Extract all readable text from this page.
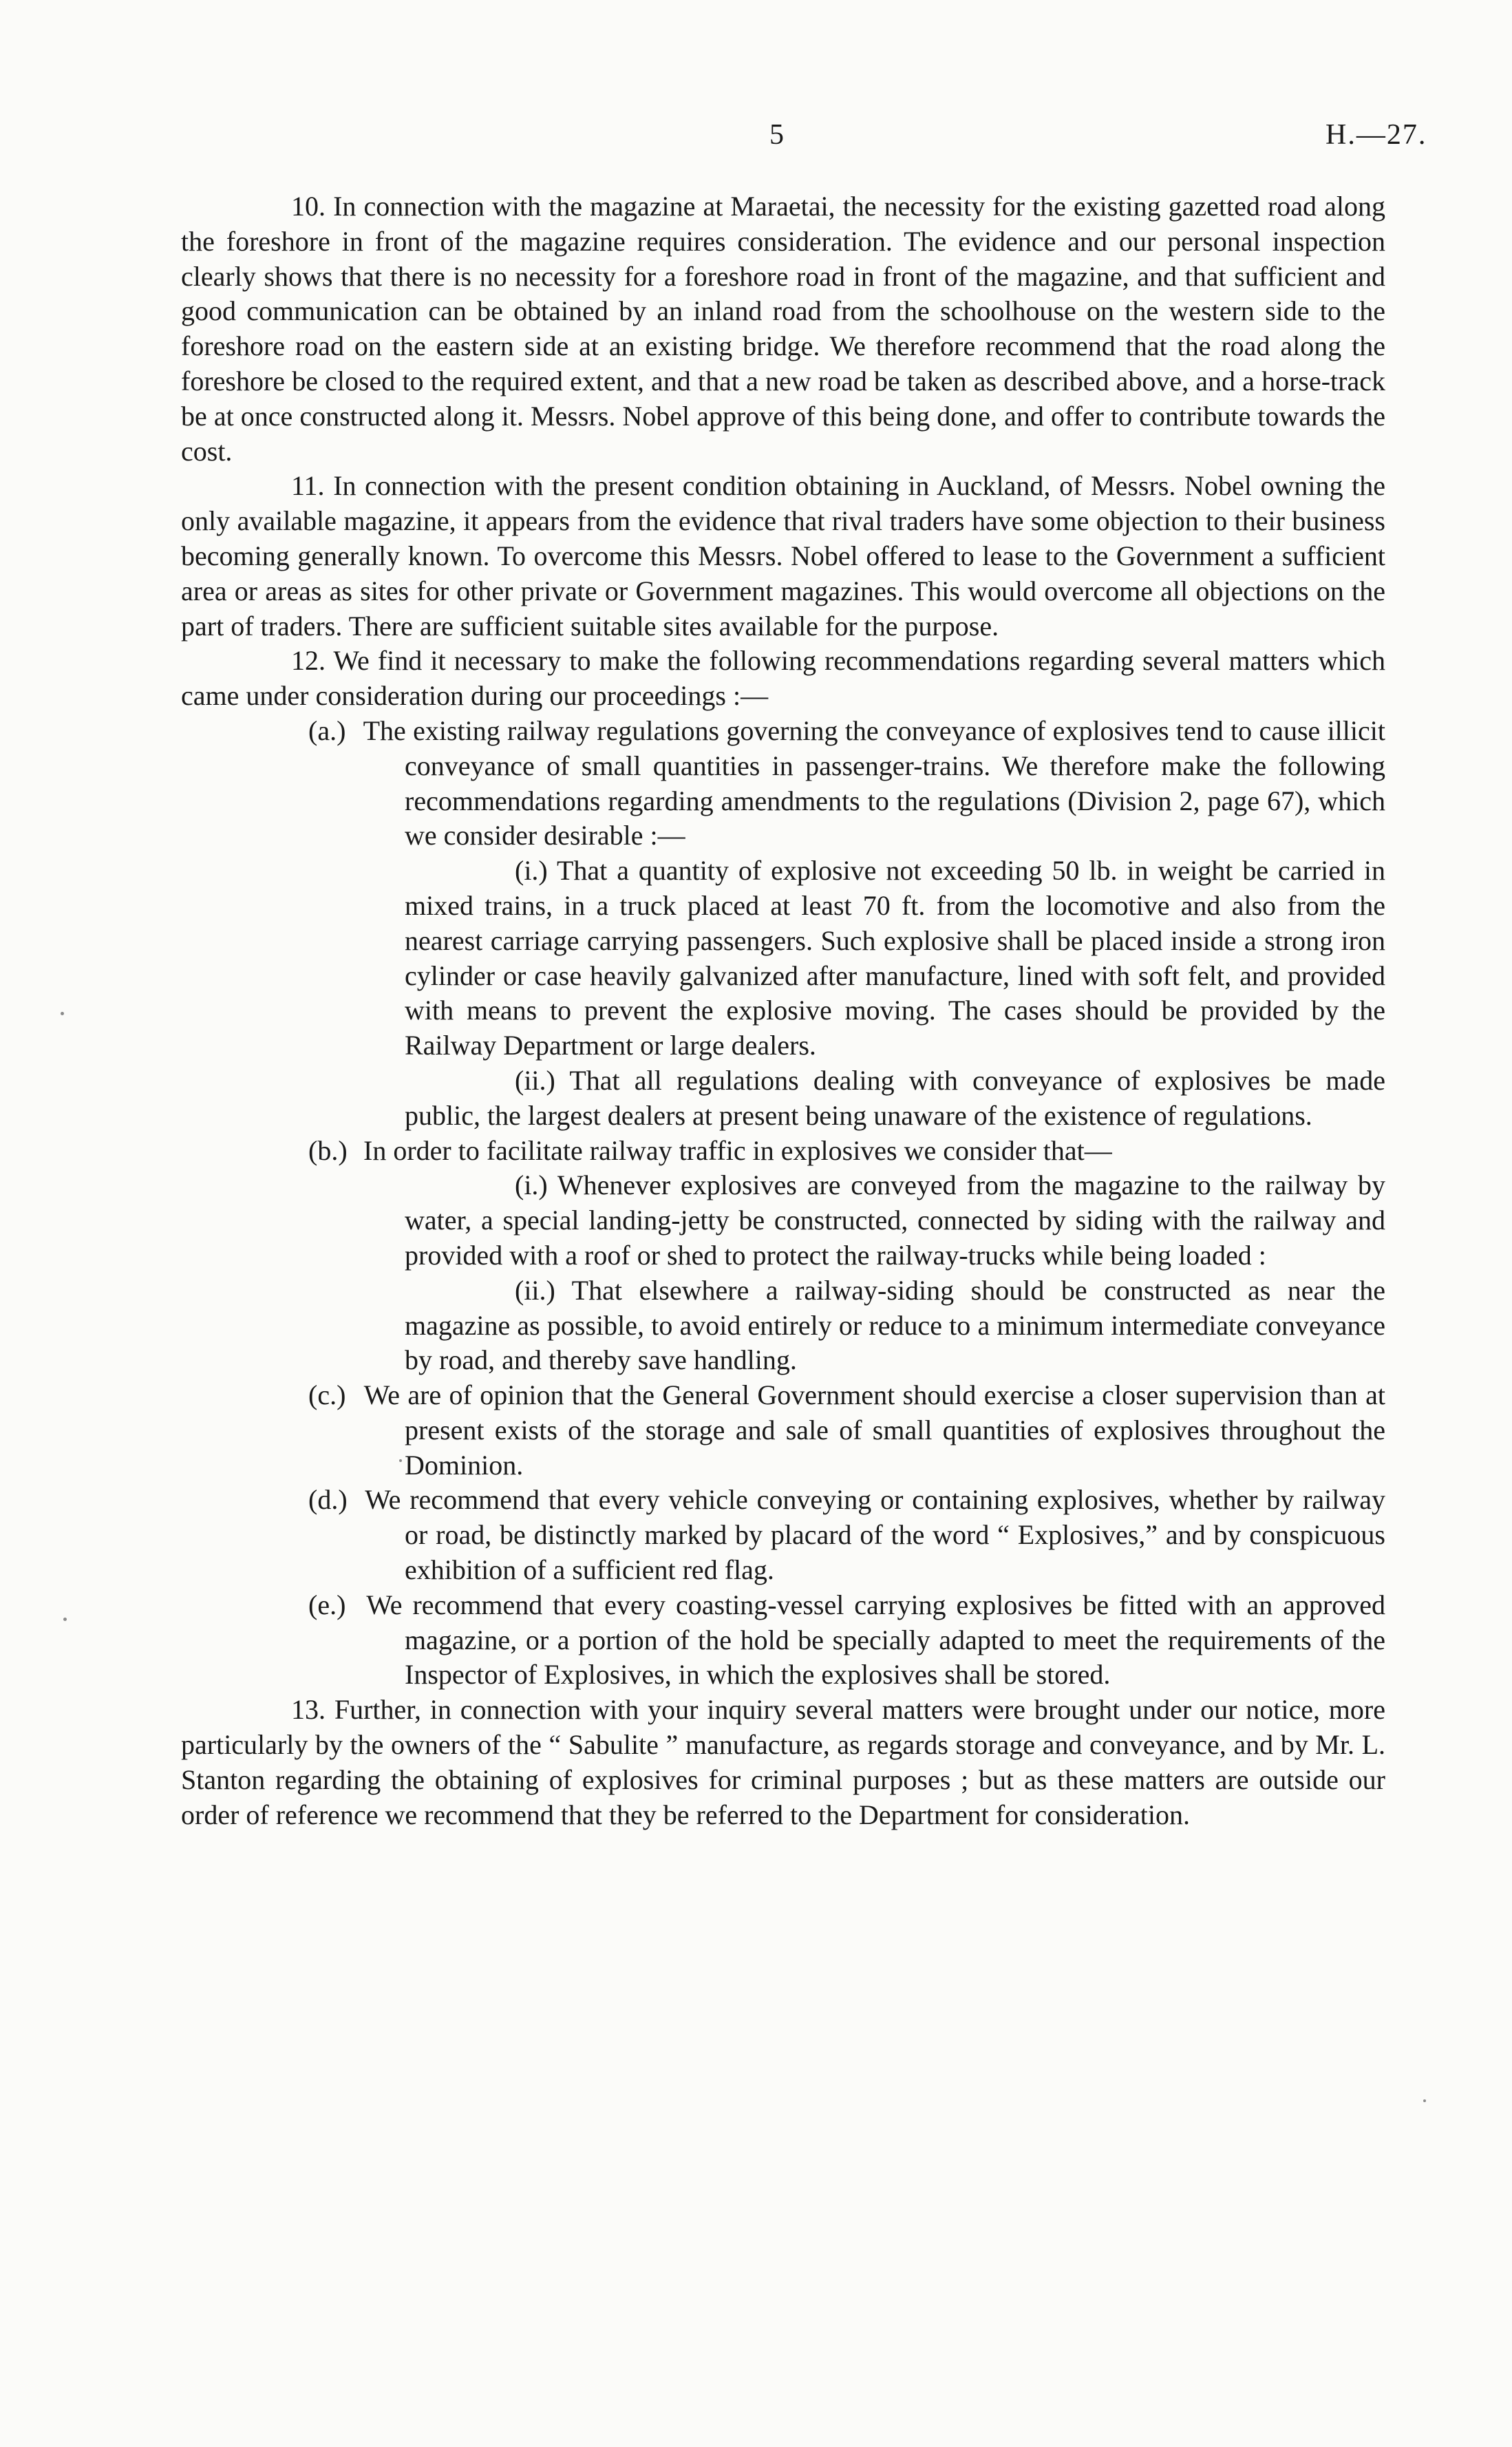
5	H.—27.

10. In connection with the magazine at Maraetai, the necessity for the existing gazetted road along the foreshore in front of the magazine requires consideration. The evidence and our personal inspection clearly shows that there is no necessity for a foreshore road in front of the magazine, and that sufficient and good communication can be obtained by an inland road from the schoolhouse on the western side to the foreshore road on the eastern side at an existing bridge. We therefore recommend that the road along the foreshore be closed to the required extent, and that a new road be taken as described above, and a horse-track be at once constructed along it. Messrs. Nobel approve of this being done, and offer to contribute towards the cost.

11. In connection with the present condition obtaining in Auckland, of Messrs. Nobel owning the only available magazine, it appears from the evidence that rival traders have some objection to their business becoming generally known. To overcome this Messrs. Nobel offered to lease to the Government a sufficient area or areas as sites for other private or Government magazines. This would overcome all objections on the part of traders. There are sufficient suitable sites available for the purpose.

12. We find it necessary to make the following recommendations regarding several matters which came under consideration during our proceedings :—

(a.) The existing railway regulations governing the conveyance of explosives tend to cause illicit conveyance of small quantities in passenger-trains. We therefore make the following recommendations regarding amendments to the regulations (Division 2, page 67), which we consider desirable :—

(i.) That a quantity of explosive not exceeding 50 lb. in weight be carried in mixed trains, in a truck placed at least 70 ft. from the locomotive and also from the nearest carriage carrying passengers. Such explosive shall be placed inside a strong iron cylinder or case heavily galvanized after manufacture, lined with soft felt, and provided with means to prevent the explosive moving. The cases should be provided by the Railway Department or large dealers.

(ii.) That all regulations dealing with conveyance of explosives be made public, the largest dealers at present being unaware of the existence of regulations.

(b.) In order to facilitate railway traffic in explosives we consider that—

(i.) Whenever explosives are conveyed from the magazine to the railway by water, a special landing-jetty be constructed, connected by siding with the railway and provided with a roof or shed to protect the railway-trucks while being loaded :

(ii.) That elsewhere a railway-siding should be constructed as near the magazine as possible, to avoid entirely or reduce to a minimum intermediate conveyance by road, and thereby save handling.

(c.) We are of opinion that the General Government should exercise a closer supervision than at present exists of the storage and sale of small quantities of explosives throughout the Dominion.

(d.) We recommend that every vehicle conveying or containing explosives, whether by railway or road, be distinctly marked by placard of the word “ Explosives,” and by conspicuous exhibition of a sufficient red flag.

(e.) We recommend that every coasting-vessel carrying explosives be fitted with an approved magazine, or a portion of the hold be specially adapted to meet the requirements of the Inspector of Explosives, in which the explosives shall be stored.

13. Further, in connection with your inquiry several matters were brought under our notice, more particularly by the owners of the “ Sabulite ” manufacture, as regards storage and conveyance, and by Mr. L. Stanton regarding the obtaining of explosives for criminal purposes ; but as these matters are outside our order of reference we recommend that they be referred to the Department for consideration.
